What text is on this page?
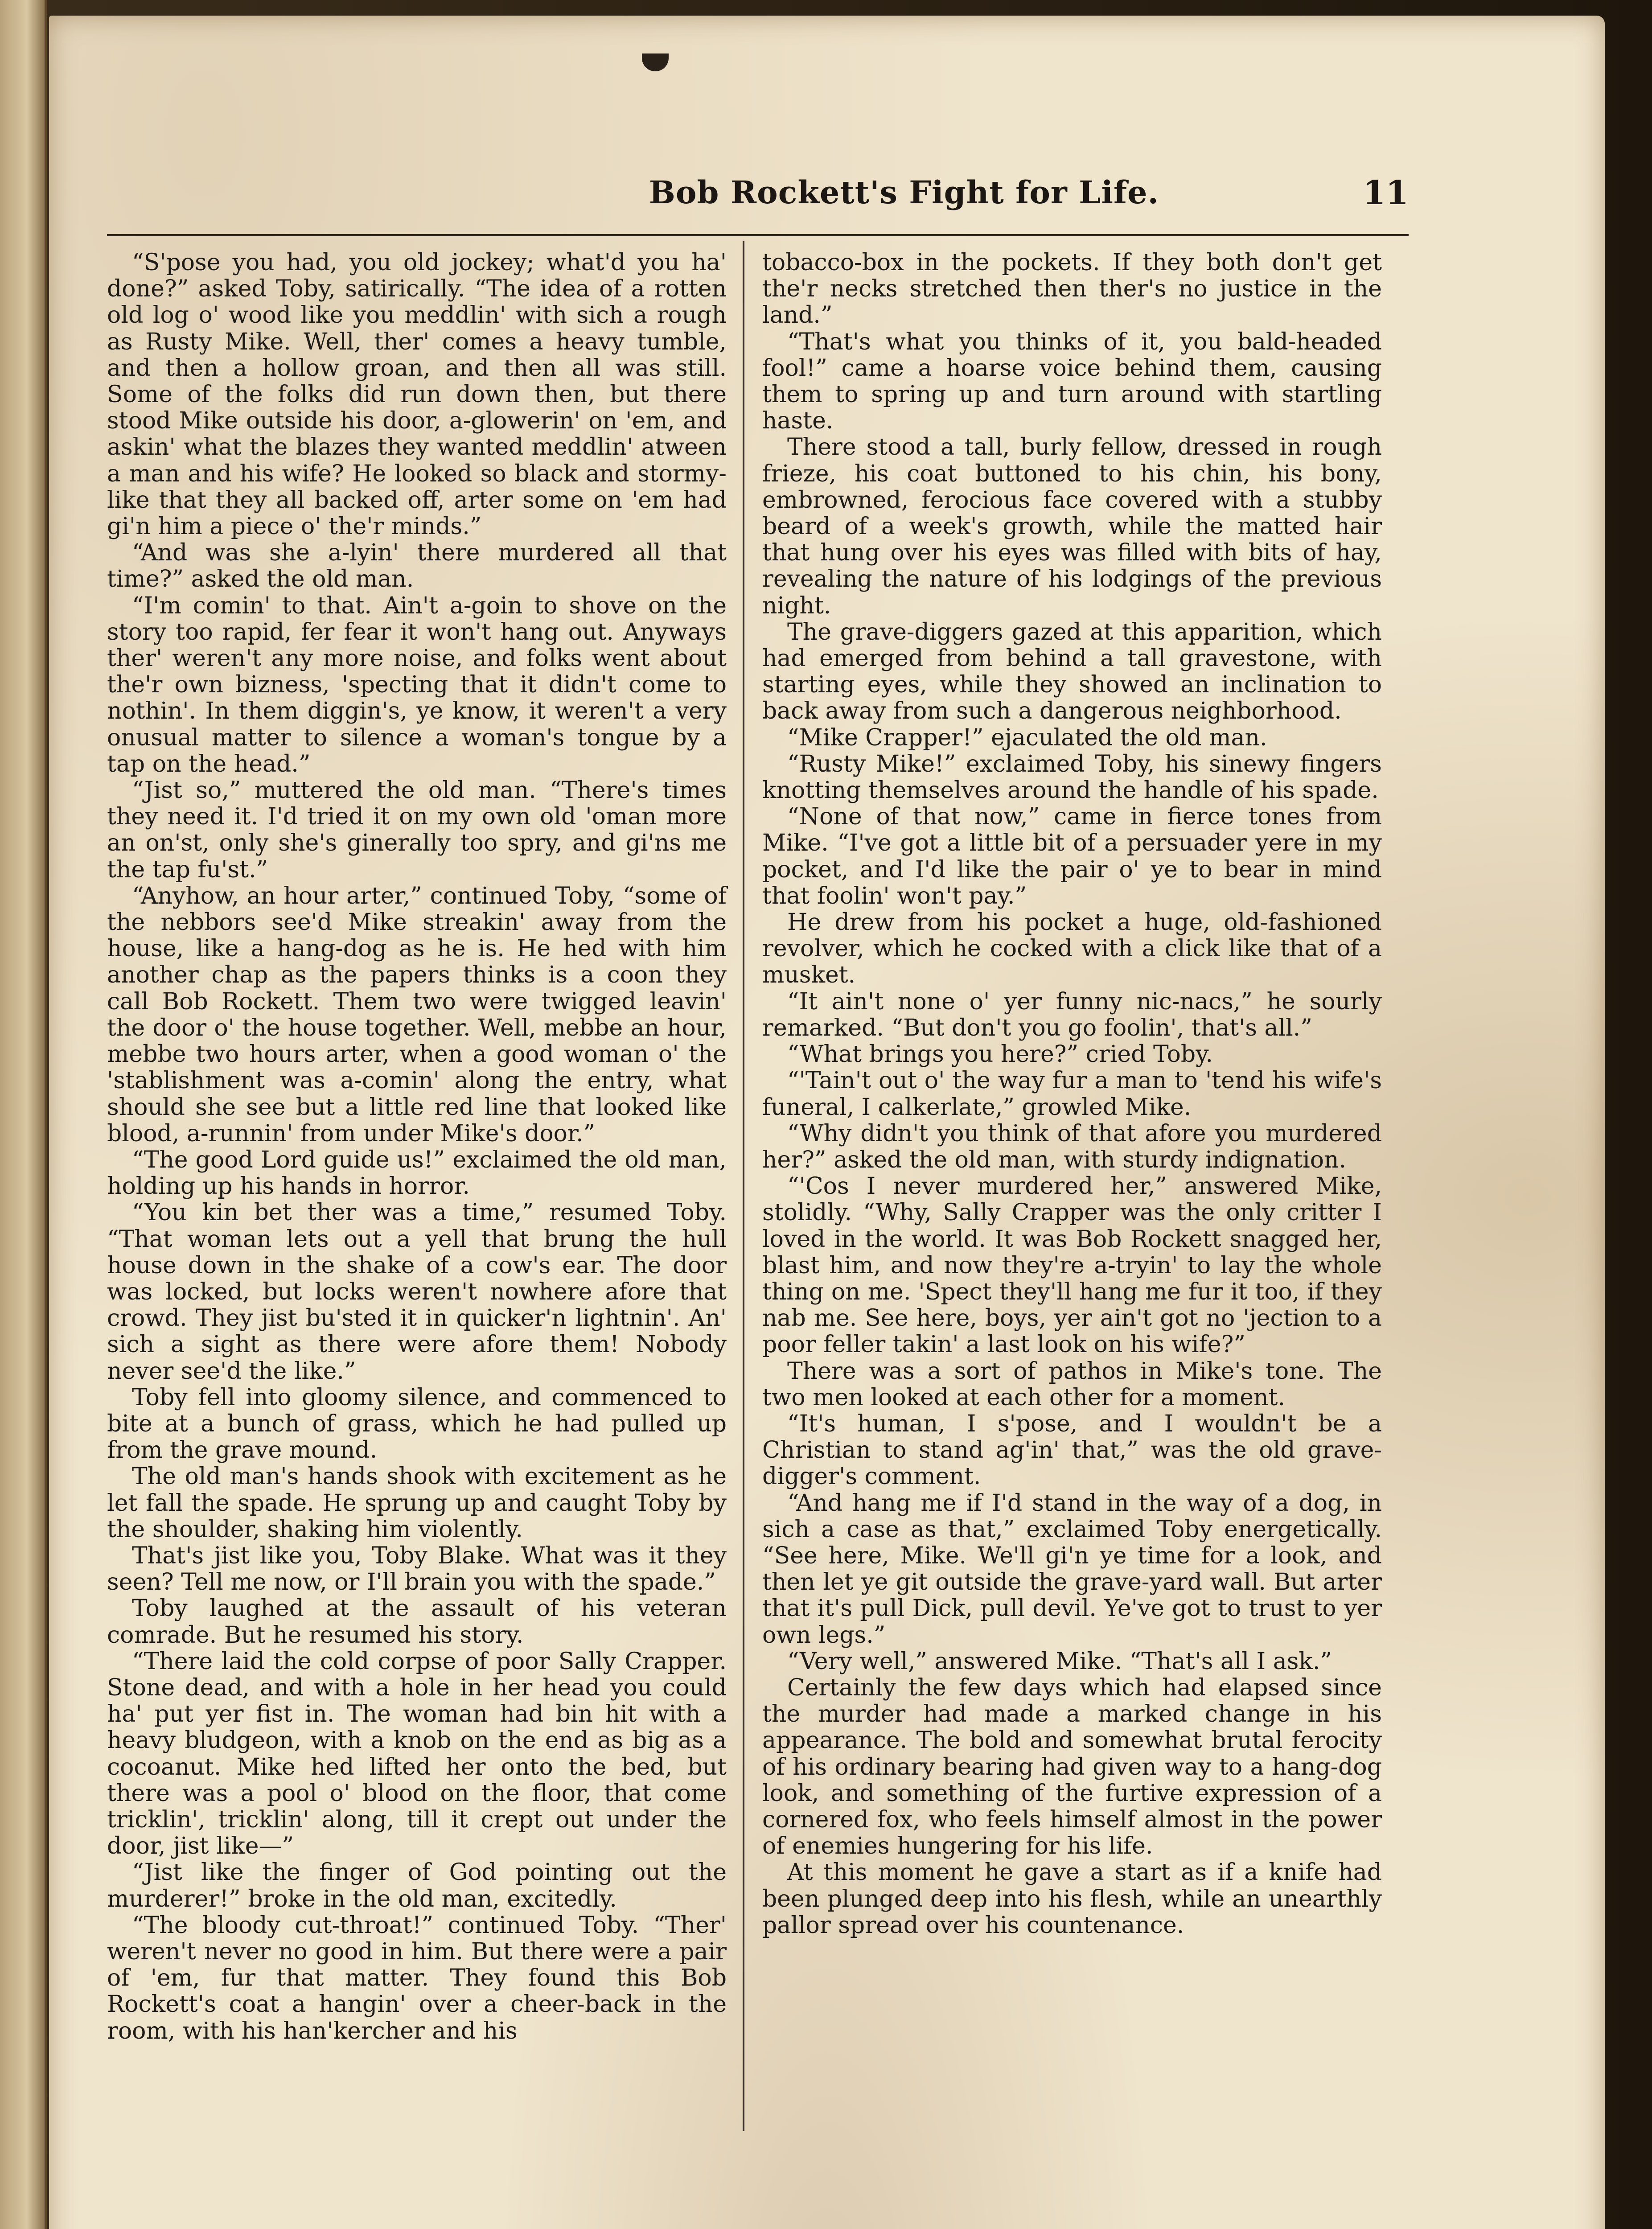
Bob Rockett's Fight for Life.	11

“S'pose you had, you old jockey; what'd you ha' done?” asked Toby, satirically. “The idea of a rotten old log o' wood like you meddlin' with sich a rough as Rusty Mike. Well, ther' comes a heavy tumble, and then a hollow groan, and then all was still. Some of the folks did run down then, but there stood Mike outside his door, a-glowerin' on 'em, and askin' what the blazes they wanted meddlin' atween a man and his wife? He looked so black and stormy-like that they all backed off, arter some on 'em had gi'n him a piece o' the'r minds.”

“And was she a-lyin' there murdered all that time?” asked the old man.

“I'm comin' to that. Ain't a-goin to shove on the story too rapid, fer fear it won't hang out. Anyways ther' weren't any more noise, and folks went about the'r own bizness, 'specting that it didn't come to nothin'. In them diggin's, ye know, it weren't a very onusual matter to silence a woman's tongue by a tap on the head.”

“Jist so,” muttered the old man. “There's times they need it. I'd tried it on my own old 'oman more an on'st, only she's ginerally too spry, and gi'ns me the tap fu'st.”

“Anyhow, an hour arter,” continued Toby, “some of the nebbors see'd Mike streakin' away from the house, like a hang-dog as he is. He hed with him another chap as the papers thinks is a coon they call Bob Rockett. Them two were twigged leavin' the door o' the house together. Well, mebbe an hour, mebbe two hours arter, when a good woman o' the 'stablishment was a-comin' along the entry, what should she see but a little red line that looked like blood, a-runnin' from under Mike's door.”

“The good Lord guide us!” exclaimed the old man, holding up his hands in horror.

“You kin bet ther was a time,” resumed Toby. “That woman lets out a yell that brung the hull house down in the shake of a cow's ear. The door was locked, but locks weren't nowhere afore that crowd. They jist bu'sted it in quicker'n lightnin'. An' sich a sight as there were afore them! Nobody never see'd the like.”

Toby fell into gloomy silence, and commenced to bite at a bunch of grass, which he had pulled up from the grave mound.

The old man's hands shook with excitement as he let fall the spade. He sprung up and caught Toby by the shoulder, shaking him violently.

That's jist like you, Toby Blake. What was it they seen? Tell me now, or I'll brain you with the spade.”

Toby laughed at the assault of his veteran comrade. But he resumed his story.

“There laid the cold corpse of poor Sally Crapper. Stone dead, and with a hole in her head you could ha' put yer fist in. The woman had bin hit with a heavy bludgeon, with a knob on the end as big as a cocoanut. Mike hed lifted her onto the bed, but there was a pool o' blood on the floor, that come tricklin', tricklin' along, till it crept out under the door, jist like—”

“Jist like the finger of God pointing out the murderer!” broke in the old man, excitedly.

“The bloody cut-throat!” continued Toby. “Ther' weren't never no good in him. But there were a pair of 'em, fur that matter. They found this Bob Rockett's coat a hangin' over a cheer-back in the room, with his han'kercher and his

tobacco-box in the pockets. If they both don't get the'r necks stretched then ther's no justice in the land.”

“That's what you thinks of it, you bald-headed fool!” came a hoarse voice behind them, causing them to spring up and turn around with startling haste.

There stood a tall, burly fellow, dressed in rough frieze, his coat buttoned to his chin, his bony, embrowned, ferocious face covered with a stubby beard of a week's growth, while the matted hair that hung over his eyes was filled with bits of hay, revealing the nature of his lodgings of the previous night.

The grave-diggers gazed at this apparition, which had emerged from behind a tall gravestone, with starting eyes, while they showed an inclination to back away from such a dangerous neighborhood.

“Mike Crapper!” ejaculated the old man.

“Rusty Mike!” exclaimed Toby, his sinewy fingers knotting themselves around the handle of his spade.

“None of that now,” came in fierce tones from Mike. “I've got a little bit of a persuader yere in my pocket, and I'd like the pair o' ye to bear in mind that foolin' won't pay.”

He drew from his pocket a huge, old-fashioned revolver, which he cocked with a click like that of a musket.

“It ain't none o' yer funny nic-nacs,” he sourly remarked. “But don't you go foolin', that's all.”

“What brings you here?” cried Toby.

“'Tain't out o' the way fur a man to 'tend his wife's funeral, I calkerlate,” growled Mike.

“Why didn't you think of that afore you murdered her?” asked the old man, with sturdy indignation.

“'Cos I never murdered her,” answered Mike, stolidly. “Why, Sally Crapper was the only critter I loved in the world. It was Bob Rockett snagged her, blast him, and now they're a-tryin' to lay the whole thing on me. 'Spect they'll hang me fur it too, if they nab me. See here, boys, yer ain't got no 'jection to a poor feller takin' a last look on his wife?”

There was a sort of pathos in Mike's tone. The two men looked at each other for a moment.

“It's human, I s'pose, and I wouldn't be a Christian to stand ag'in' that,” was the old grave-digger's comment.

“And hang me if I'd stand in the way of a dog, in sich a case as that,” exclaimed Toby energetically. “See here, Mike. We'll gi'n ye time for a look, and then let ye git outside the grave-yard wall. But arter that it's pull Dick, pull devil. Ye've got to trust to yer own legs.”

“Very well,” answered Mike. “That's all I ask.”

Certainly the few days which had elapsed since the murder had made a marked change in his appearance. The bold and somewhat brutal ferocity of his ordinary bearing had given way to a hang-dog look, and something of the furtive expression of a cornered fox, who feels himself almost in the power of enemies hungering for his life.

At this moment he gave a start as if a knife had been plunged deep into his flesh, while an unearthly pallor spread over his countenance.
